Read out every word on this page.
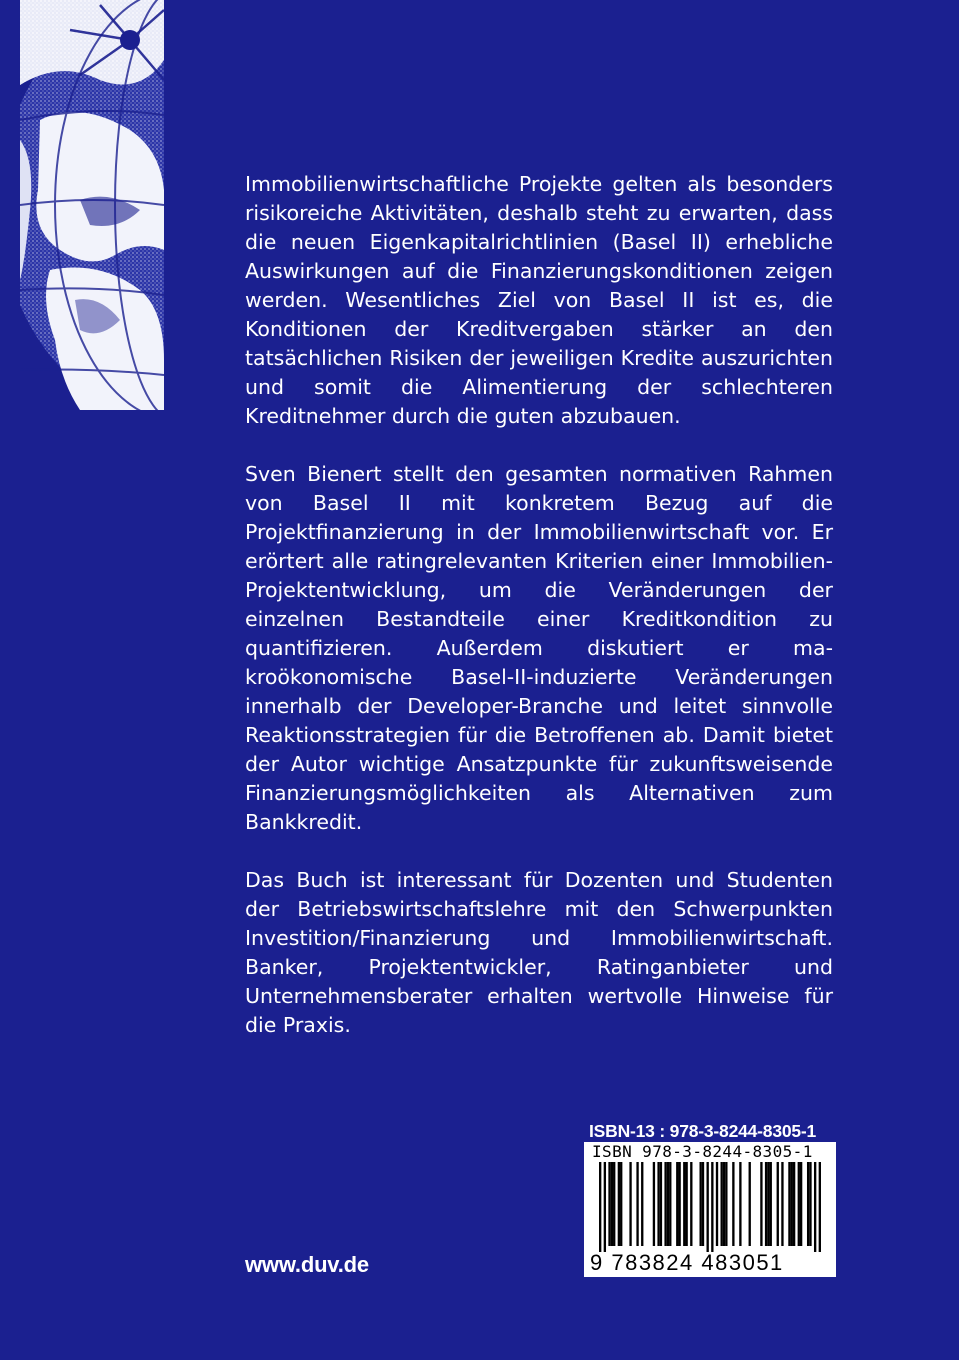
Immobilienwirtschaftliche Projekte gelten als besonders risikoreiche Aktivitäten, deshalb steht zu erwarten, dass die neuen Eigenkapitalrichtlinien (Basel II) erhebliche Auswirkungen auf die Finanzierungskonditionen zeigen werden. Wesentliches Ziel von Basel II ist es, die Konditionen der Kreditvergaben stärker an den tatsächlichen Risiken der jeweiligen Kredite auszurichten und somit die Alimentierung der schlechteren Kreditnehmer durch die guten abzubauen.

Sven Bienert stellt den gesamten normativen Rahmen von Basel II mit konkretem Bezug auf die Projektfinanzierung in der Immobilienwirtschaft vor. Er erörtert alle ratingrelevanten Kriterien einer Immobilien-Projektentwicklung, um die Veränderungen der einzelnen Bestandteile einer Kreditkondition zu quantifizieren. Außerdem diskutiert er makroökonomische Basel-II-induzierte Veränderungen innerhalb der Developer-Branche und leitet sinnvolle Reaktionsstrategien für die Betroffenen ab. Damit bietet der Autor wichtige Ansatzpunkte für zukunftsweisende Finanzierungsmöglichkeiten als Alternativen zum Bankkredit.

Das Buch ist interessant für Dozenten und Studenten der Betriebswirtschaftslehre mit den Schwerpunkten Investition/Finanzierung und Immobilienwirtschaft. Banker, Projektentwickler, Ratinganbieter und Unternehmensberater erhalten wertvolle Hinweise für die Praxis.

www.duv.de
ISBN-13 : 978-3-8244-8305-1
ISBN 978-3-8244-8305-1
9 783824 483051
